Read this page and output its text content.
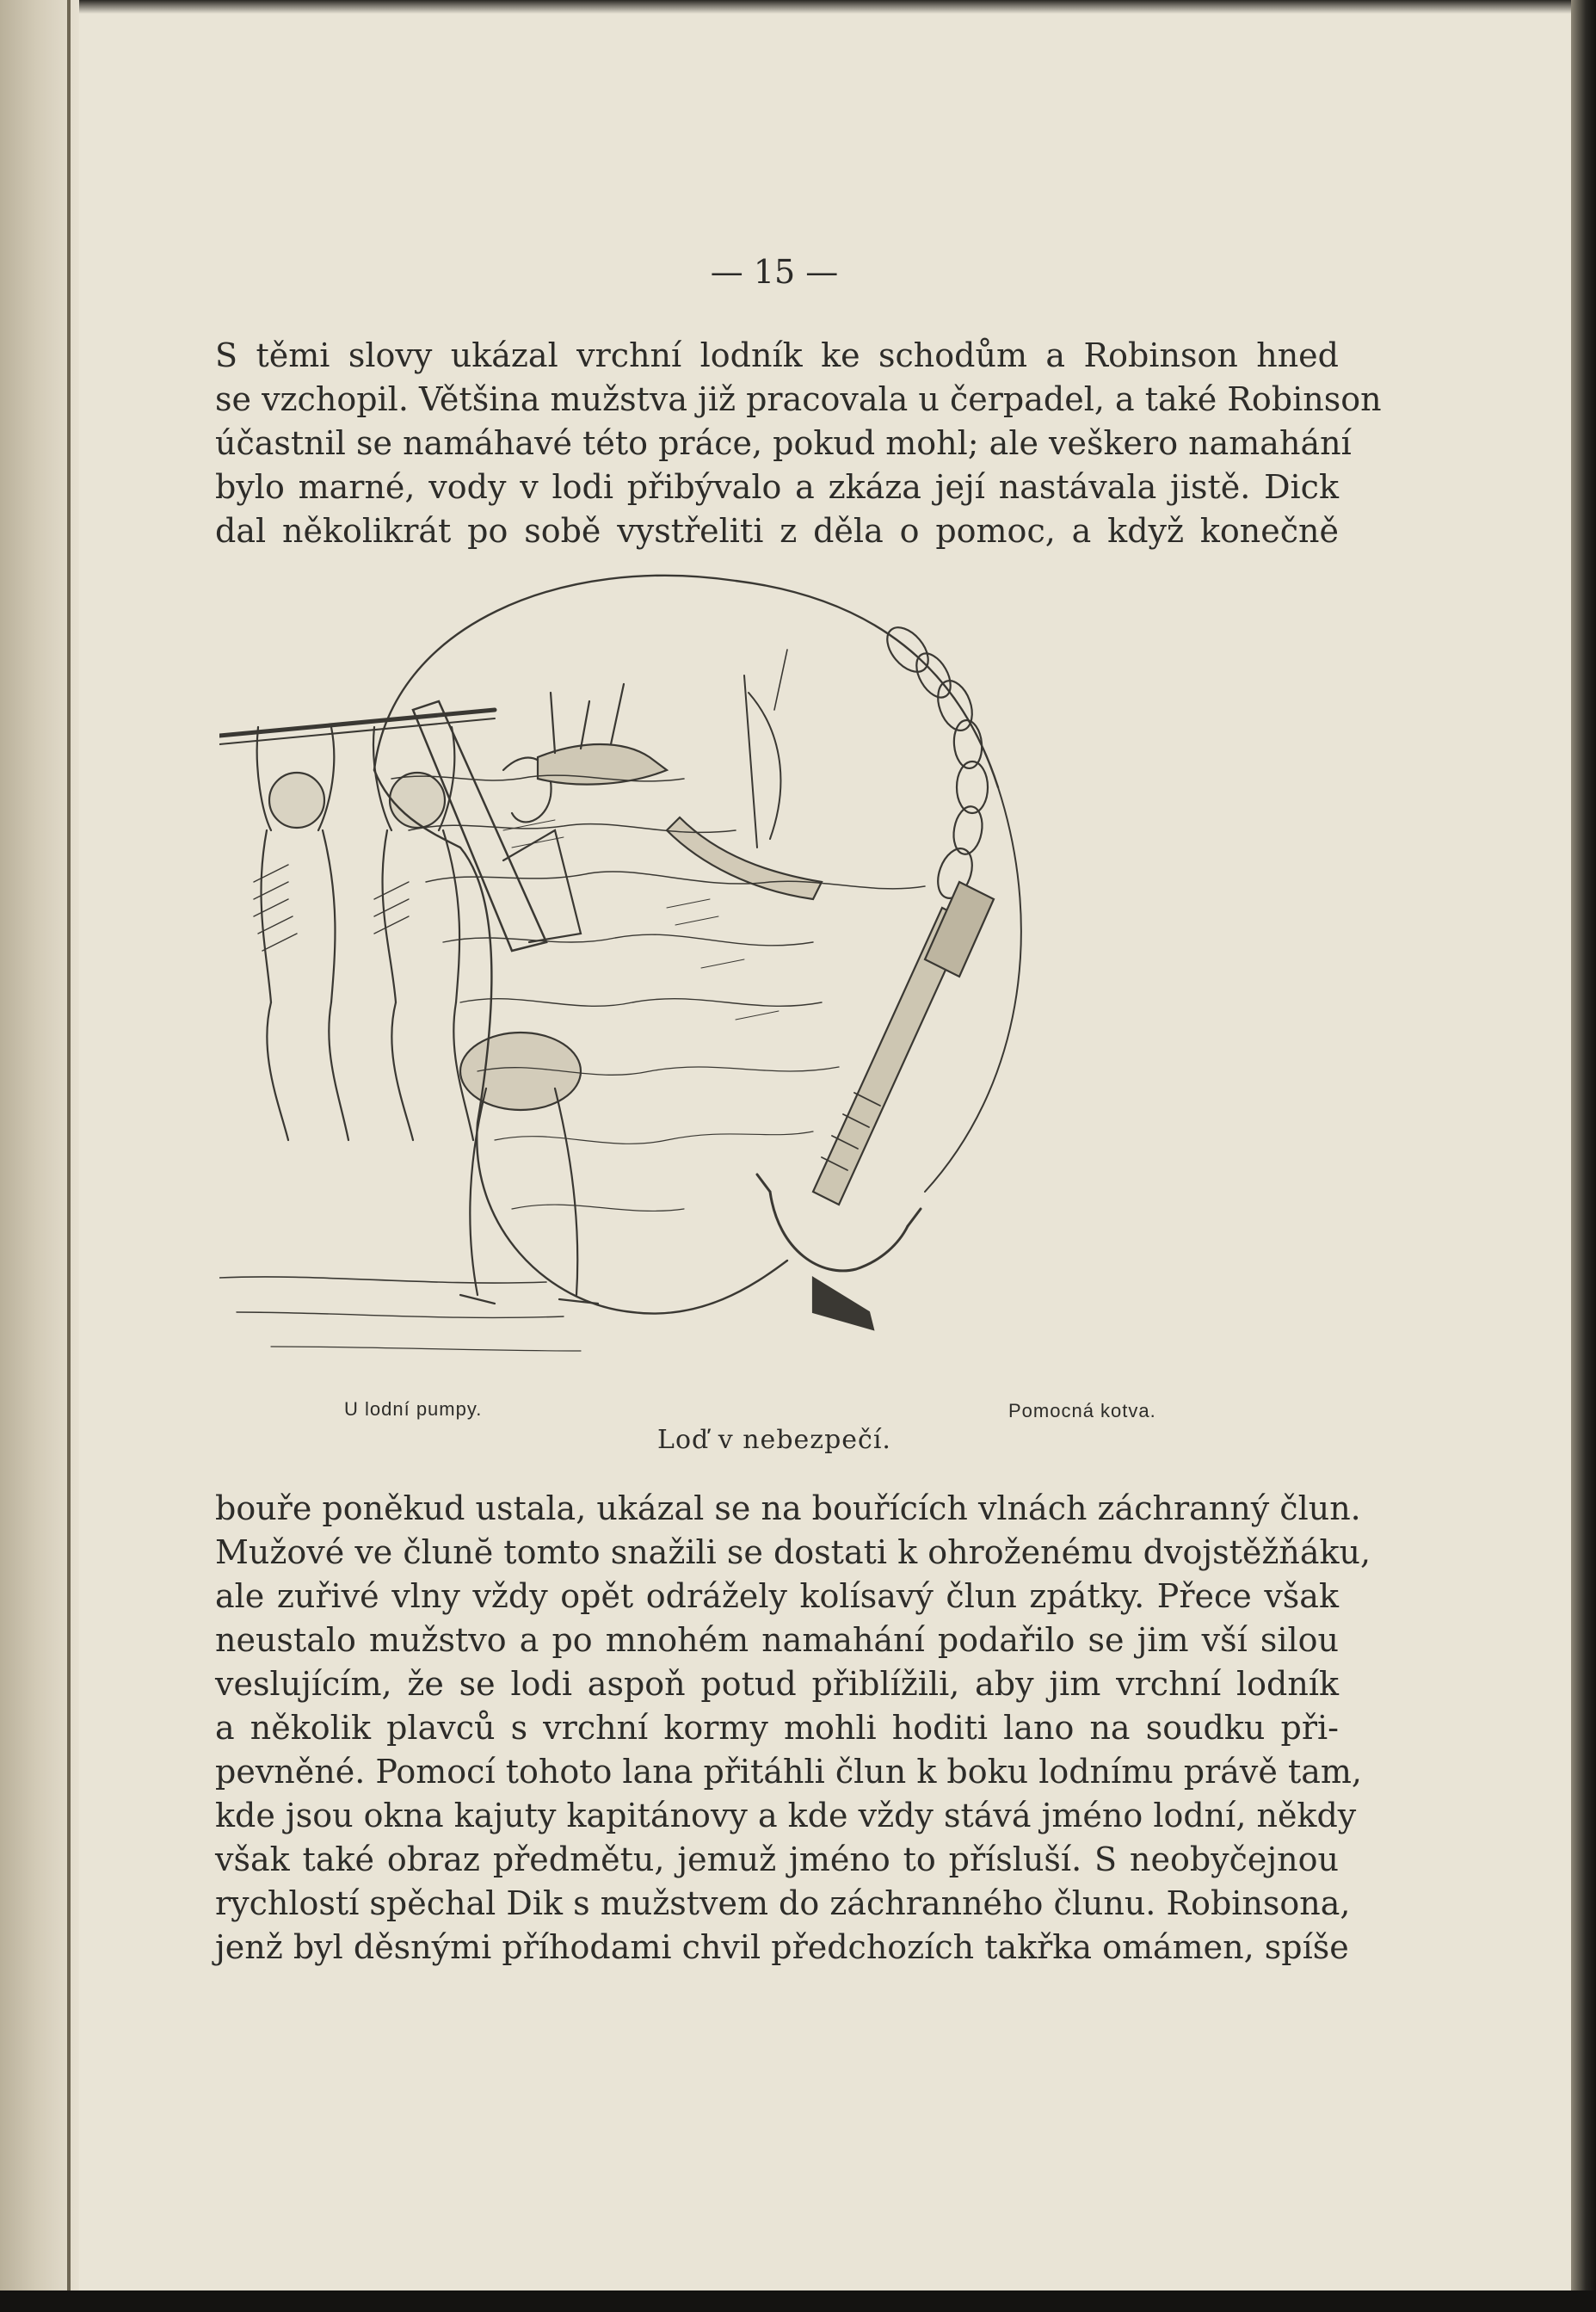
— 15 —
S těmi slovy ukázal vrchní lodník ke schodům a Robinson hned
se vzchopil. Většina mužstva již pracovala u čerpadel, a také Robinson
účastnil se namáhavé této práce, pokud mohl; ale veškero namahání
bylo marné, vody v lodi přibývalo a zkáza její nastávala jistě. Dick
dal několikrát po sobě vystřeliti z děla o pomoc, a když konečně
U lodní pumpy.	Pomocná kotva.
Loď v nebezpečí.
bouře poněkud ustala, ukázal se na bouřících vlnách záchranný člun.
Mužové ve člunĕ tomto snažili se dostati k ohroženému dvojstěžňáku,
ale zuřivé vlny vždy opět odrážely kolísavý člun zpátky. Přece však
neustalo mužstvo a po mnohém namahání podařilo se jim vší silou
veslujícím, že se lodi aspoň potud přiblížili, aby jim vrchní lodník
a několik plavců s vrchní kormy mohli hoditi lano na soudku při-
pevněné. Pomocí tohoto lana přitáhli člun k boku lodnímu právě tam,
kde jsou okna kajuty kapitánovy a kde vždy stává jméno lodní, někdy
však také obraz předmětu, jemuž jméno to přísluší. S neobyčejnou
rychlostí spěchal Dik s mužstvem do záchranného člunu. Robinsona,
jenž byl děsnými příhodami chvil předchozích takřka omámen, spíše
